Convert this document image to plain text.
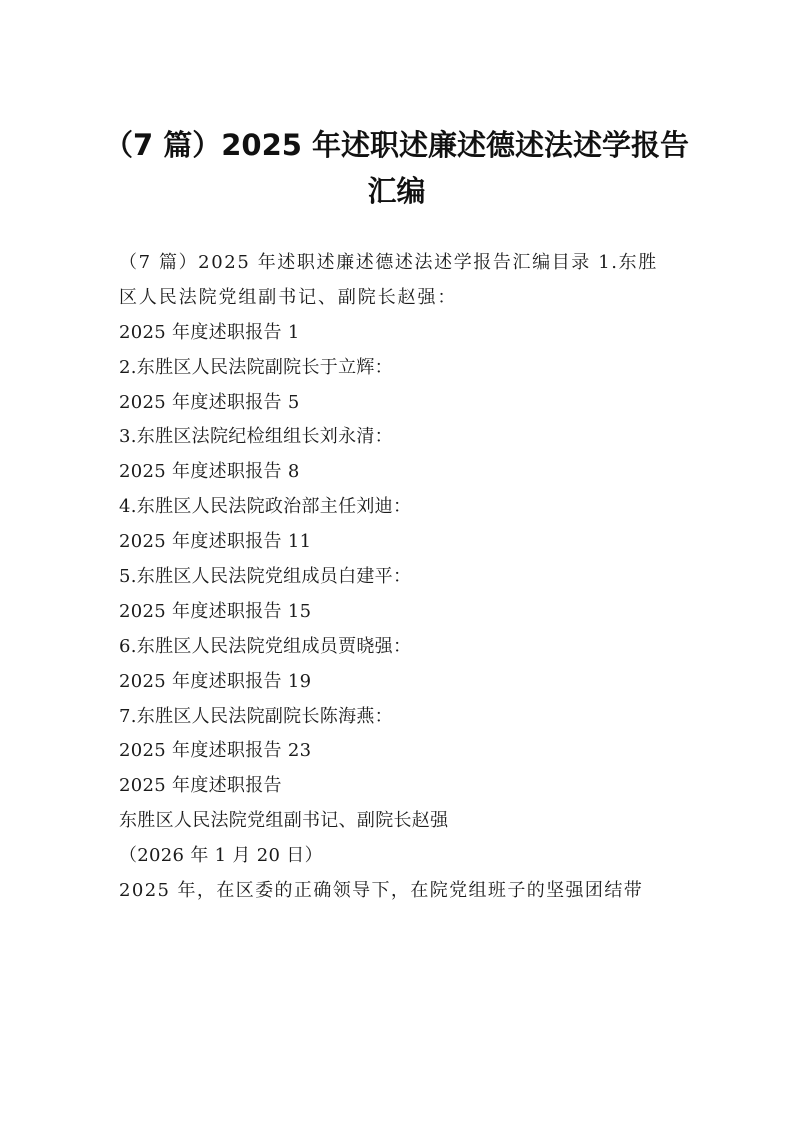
（7 篇）2025 年述职述廉述德述法述学报告
汇编
（7 篇）2025 年述职述廉述德述法述学报告汇编目录 1.东胜
区人民法院党组副书记、副院长赵强：
2025 年度述职报告 1
2.东胜区人民法院副院长于立辉：
2025 年度述职报告 5
3.东胜区法院纪检组组长刘永清：
2025 年度述职报告 8
4.东胜区人民法院政治部主任刘迪：
2025 年度述职报告 11
5.东胜区人民法院党组成员白建平：
2025 年度述职报告 15
6.东胜区人民法院党组成员贾晓强：
2025 年度述职报告 19
7.东胜区人民法院副院长陈海燕：
2025 年度述职报告 23
2025 年度述职报告
东胜区人民法院党组副书记、副院长赵强
（2026 年 1 月 20 日）
2025 年，在区委的正确领导下，在院党组班子的坚强团结带
